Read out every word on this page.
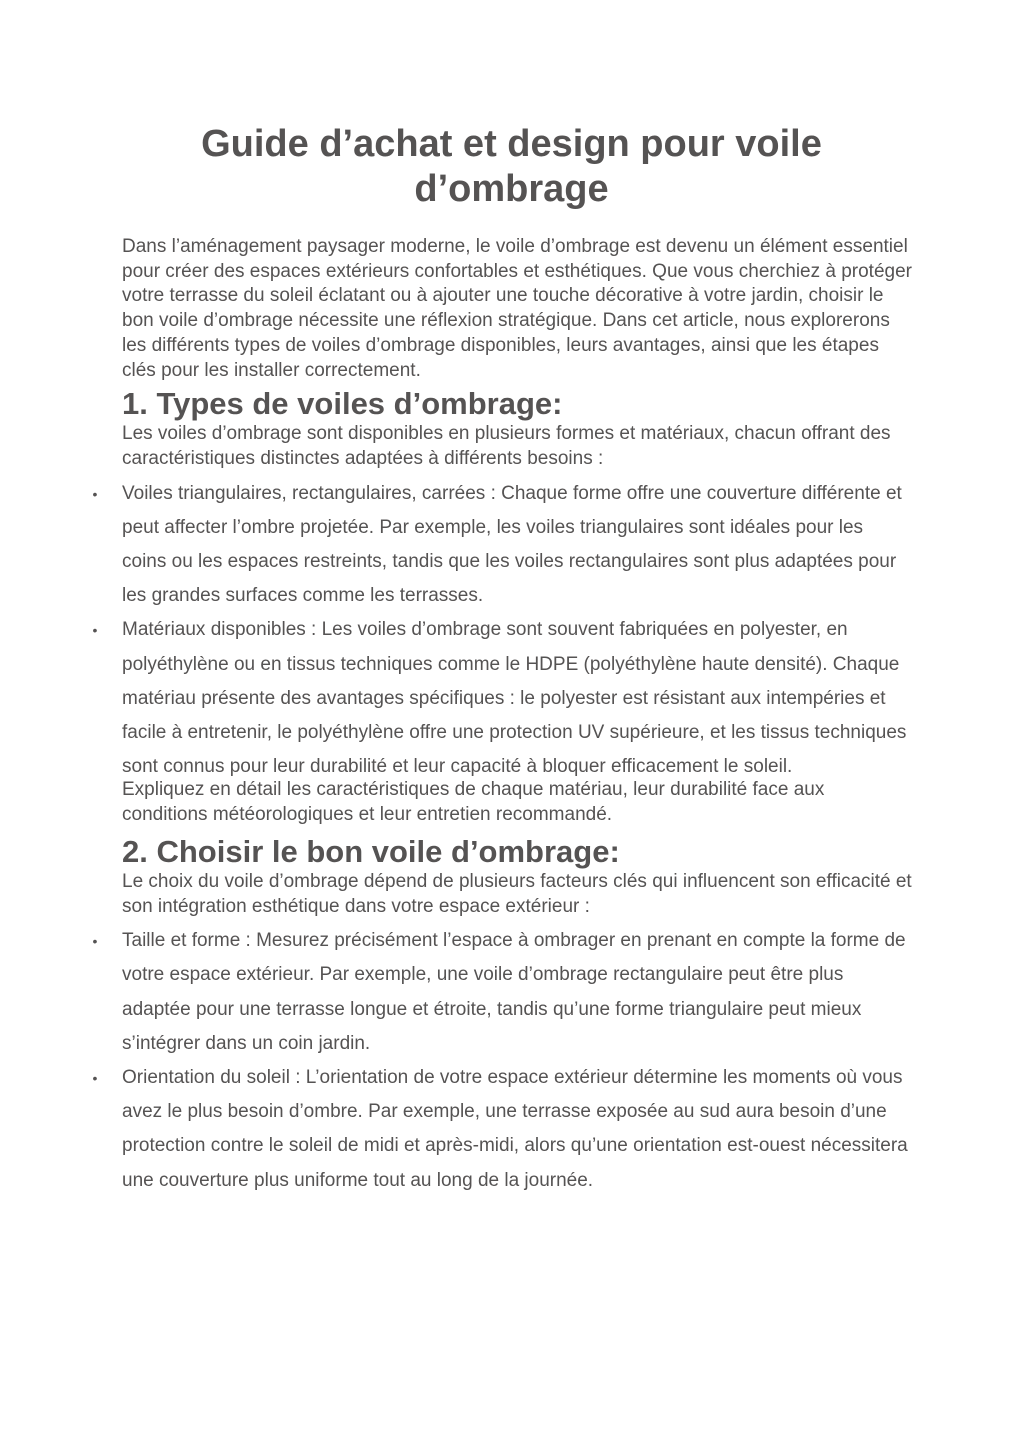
Guide d’achat et design pour voile d’ombrage

Dans l’aménagement paysager moderne, le voile d’ombrage est devenu un élément essentiel pour créer des espaces extérieurs confortables et esthétiques. Que vous cherchiez à protéger votre terrasse du soleil éclatant ou à ajouter une touche décorative à votre jardin, choisir le bon voile d’ombrage nécessite une réflexion stratégique. Dans cet article, nous explorerons les différents types de voiles d’ombrage disponibles, leurs avantages, ainsi que les étapes clés pour les installer correctement.

1. Types de voiles d’ombrage:

Les voiles d’ombrage sont disponibles en plusieurs formes et matériaux, chacun offrant des caractéristiques distinctes adaptées à différents besoins :

• Voiles triangulaires, rectangulaires, carrées : Chaque forme offre une couverture différente et peut affecter l’ombre projetée. Par exemple, les voiles triangulaires sont idéales pour les coins ou les espaces restreints, tandis que les voiles rectangulaires sont plus adaptées pour les grandes surfaces comme les terrasses.
• Matériaux disponibles : Les voiles d’ombrage sont souvent fabriquées en polyester, en polyéthylène ou en tissus techniques comme le HDPE (polyéthylène haute densité). Chaque matériau présente des avantages spécifiques : le polyester est résistant aux intempéries et facile à entretenir, le polyéthylène offre une protection UV supérieure, et les tissus techniques sont connus pour leur durabilité et leur capacité à bloquer efficacement le soleil.

Expliquez en détail les caractéristiques de chaque matériau, leur durabilité face aux conditions météorologiques et leur entretien recommandé.

2. Choisir le bon voile d’ombrage:

Le choix du voile d’ombrage dépend de plusieurs facteurs clés qui influencent son efficacité et son intégration esthétique dans votre espace extérieur :

• Taille et forme : Mesurez précisément l’espace à ombrager en prenant en compte la forme de votre espace extérieur. Par exemple, une voile d’ombrage rectangulaire peut être plus adaptée pour une terrasse longue et étroite, tandis qu’une forme triangulaire peut mieux s’intégrer dans un coin jardin.
• Orientation du soleil : L’orientation de votre espace extérieur détermine les moments où vous avez le plus besoin d’ombre. Par exemple, une terrasse exposée au sud aura besoin d’une protection contre le soleil de midi et après-midi, alors qu’une orientation est-ouest nécessitera une couverture plus uniforme tout au long de la journée.
